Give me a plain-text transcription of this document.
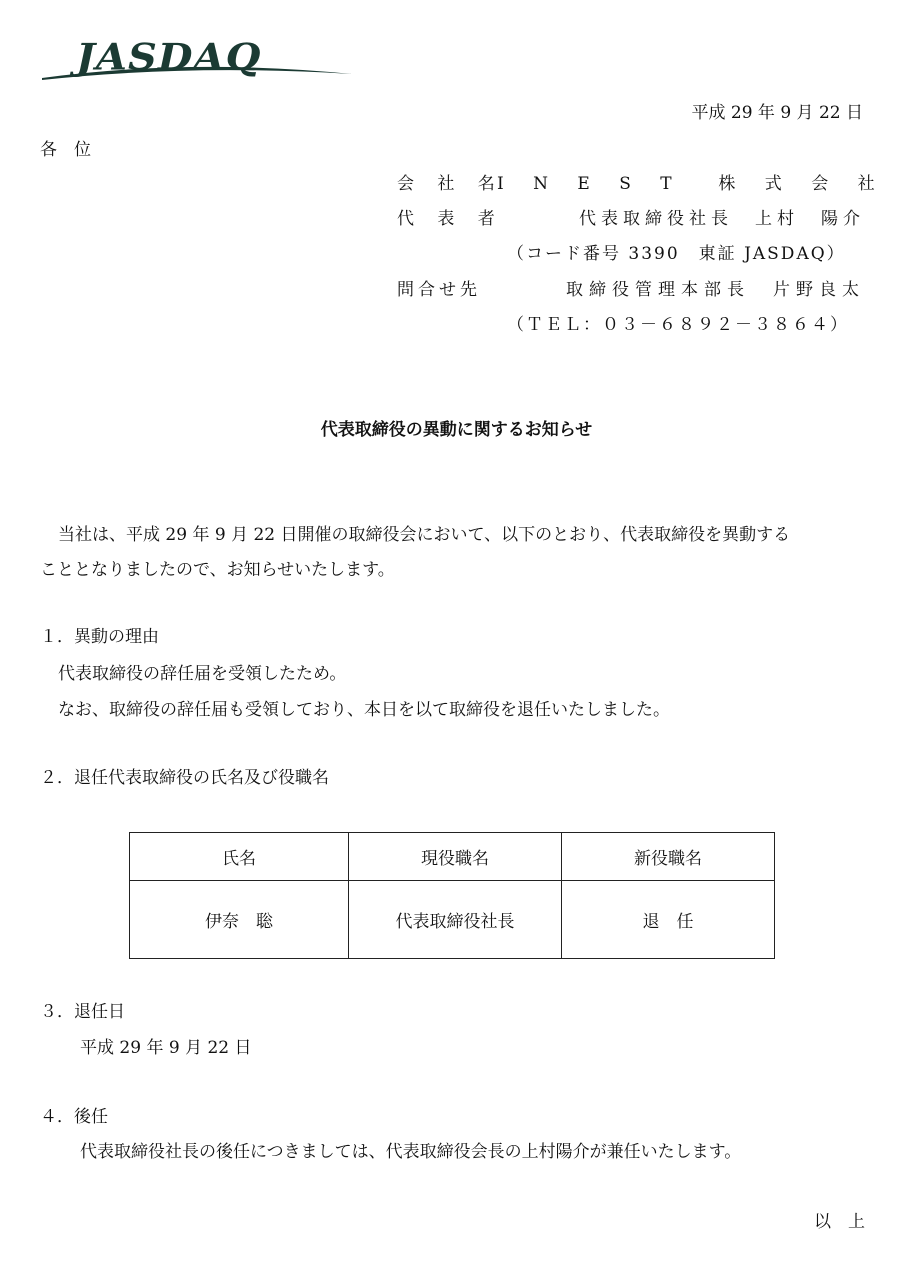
JASDAQ
平成 29 年 9 月 22 日
各　位
会 社 名
I N E S T  株 式 会 社
代 表 者	代表取締役社長　上村　陽介
（コード番号 3390　東証 JASDAQ）
問合せ先	取締役管理本部長　片野良太
（ＴＥＬ：０３－６８９２－３８６４）
代表取締役の異動に関するお知らせ
当社は、平成 29 年 9 月 22 日開催の取締役会において、以下のとおり、代表取締役を異動する
こととなりましたので、お知らせいたします。
１．異動の理由
代表取締役の辞任届を受領したため。
なお、取締役の辞任届も受領しており、本日を以て取締役を退任いたしました。
２．退任代表取締役の氏名及び役職名
氏名	現役職名	新役職名
伊奈　聡	代表取締役社長	退　任
３．退任日
平成 29 年 9 月 22 日
４．後任
代表取締役社長の後任につきましては、代表取締役会長の上村陽介が兼任いたします。
以　上
